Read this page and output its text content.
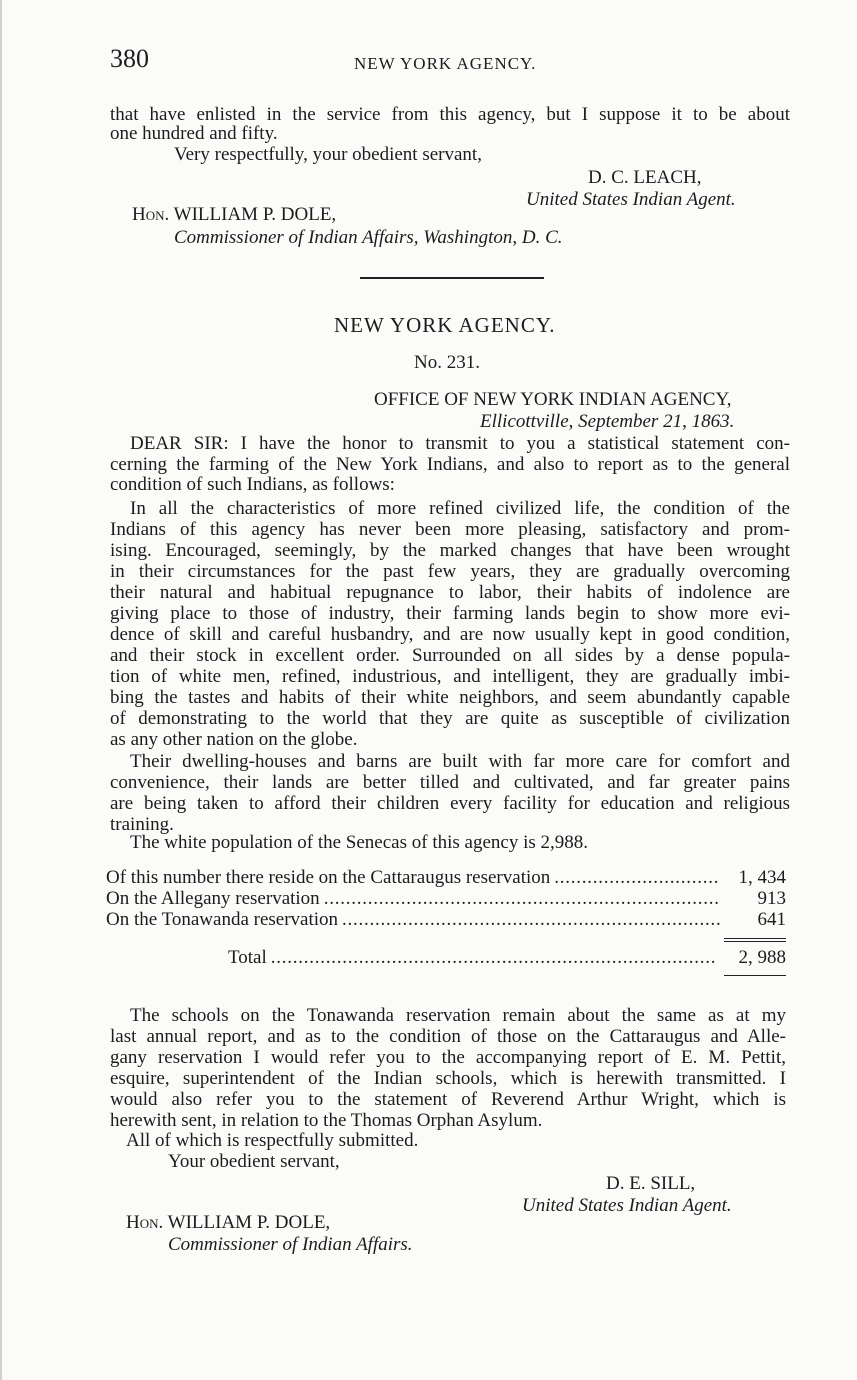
380	NEW YORK AGENCY.
that have enlisted in the service from this agency, but I suppose it to be about
one hundred and fifty.
Very respectfully, your obedient servant,
D. C. LEACH,
United States Indian Agent.
Hon. WILLIAM P. DOLE,
Commissioner of Indian Affairs, Washington, D. C.
NEW YORK AGENCY.
No. 231.
OFFICE OF NEW YORK INDIAN AGENCY,
Ellicottville, September 21, 1863.
DEAR SIR: I have the honor to transmit to you a statistical statement con-
cerning the farming of the New York Indians, and also to report as to the general
condition of such Indians, as follows:
In all the characteristics of more refined civilized life, the condition of the
Indians of this agency has never been more pleasing, satisfactory and prom-
ising. Encouraged, seemingly, by the marked changes that have been wrought
in their circumstances for the past few years, they are gradually overcoming
their natural and habitual repugnance to labor, their habits of indolence are
giving place to those of industry, their farming lands begin to show more evi-
dence of skill and careful husbandry, and are now usually kept in good condition,
and their stock in excellent order. Surrounded on all sides by a dense popula-
tion of white men, refined, industrious, and intelligent, they are gradually imbi-
bing the tastes and habits of their white neighbors, and seem abundantly capable
of demonstrating to the world that they are quite as susceptible of civilization
as any other nation on the globe.
Their dwelling-houses and barns are built with far more care for comfort and
convenience, their lands are better tilled and cultivated, and far greater pains
are being taken to afford their children every facility for education and religious
training.
The white population of the Senecas of this agency is 2,988.
Of this number there reside on the Cattaraugus reservation . . .	1, 434
On the Allegany reservation . . .	913
On the Tonawanda reservation . . .	641
Total . . .	2, 988
The schools on the Tonawanda reservation remain about the same as at my
last annual report, and as to the condition of those on the Cattaraugus and Alle-
gany reservation I would refer you to the accompanying report of E. M. Pettit,
esquire, superintendent of the Indian schools, which is herewith transmitted. I
would also refer you to the statement of Reverend Arthur Wright, which is
herewith sent, in relation to the Thomas Orphan Asylum.
All of which is respectfully submitted.
Your obedient servant,
D. E. SILL,
United States Indian Agent.
Hon. WILLIAM P. DOLE,
Commissioner of Indian Affairs.
